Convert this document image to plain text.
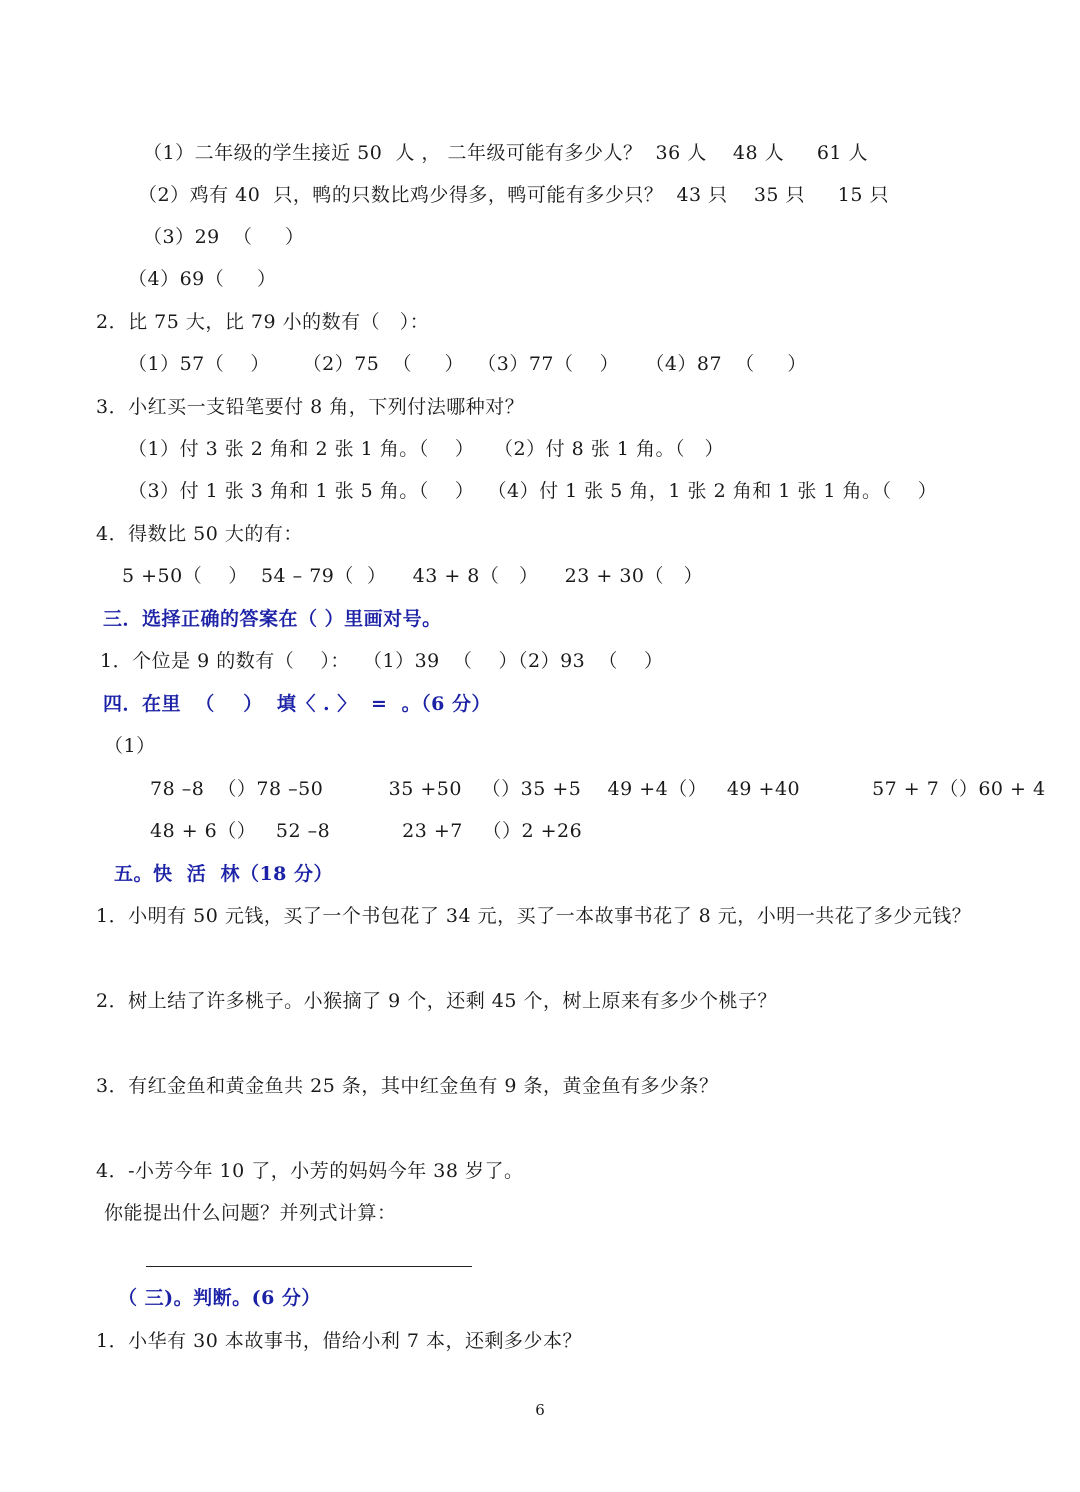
（1）二年级的学生接近 50  人 ， 二年级可能有多少人？  36 人    48 人     61 人
（2）鸡有 40  只，鸭的只数比鸡少得多，鸭可能有多少只？  43 只    35 只     15 只
（3）29  （     ）
（4）69（     ）
2．比 75 大，比 79 小的数有（   ）：
（1）57（    ）     （2）75  （     ）  （3）77（    ）    （4）87  （     ）
3．小红买一支铅笔要付 8 角，下列付法哪种对？
（1）付 3 张 2 角和 2 张 1 角。（    ）   （2）付 8 张 1 角。（   ）
（3）付 1 张 3 角和 1 张 5 角。（    ）  （4）付 1 张 5 角，1 张 2 角和 1 张 1 角。（    ）
4．得数比 50 大的有：
5 +50（    ）  54 – 79（  ）    43 + 8（   ）    23 + 30（   ）
三．选择正确的答案在（ ）里画对号。
1．个位是 9 的数有（    ）：  （1）39  （    ）（2）93  （    ）
四．在里  （    ）  填〈 . 〉  =  。（6 分）
（1）
78 –8  （）78 –50          35 +50   （）35 +5    49 +4（）   49 +40           57 + 7（）60 + 4
48 + 6（）   52 –8           23 +7   （）2 +26
五。快  活  林（18 分）
1．小明有 50 元钱，买了一个书包花了 34 元，买了一本故事书花了 8 元，小明一共花了多少元钱？
2．树上结了许多桃子。小猴摘了 9 个，还剩 45 个，树上原来有多少个桃子？
3．有红金鱼和黄金鱼共 25 条，其中红金鱼有 9 条，黄金鱼有多少条？
4．-小芳今年 10 了，小芳的妈妈今年 38 岁了。
你能提出什么问题？并列式计算：
（ 三)。判断。(6 分）
1．小华有 30 本故事书，借给小利 7 本，还剩多少本？
6
